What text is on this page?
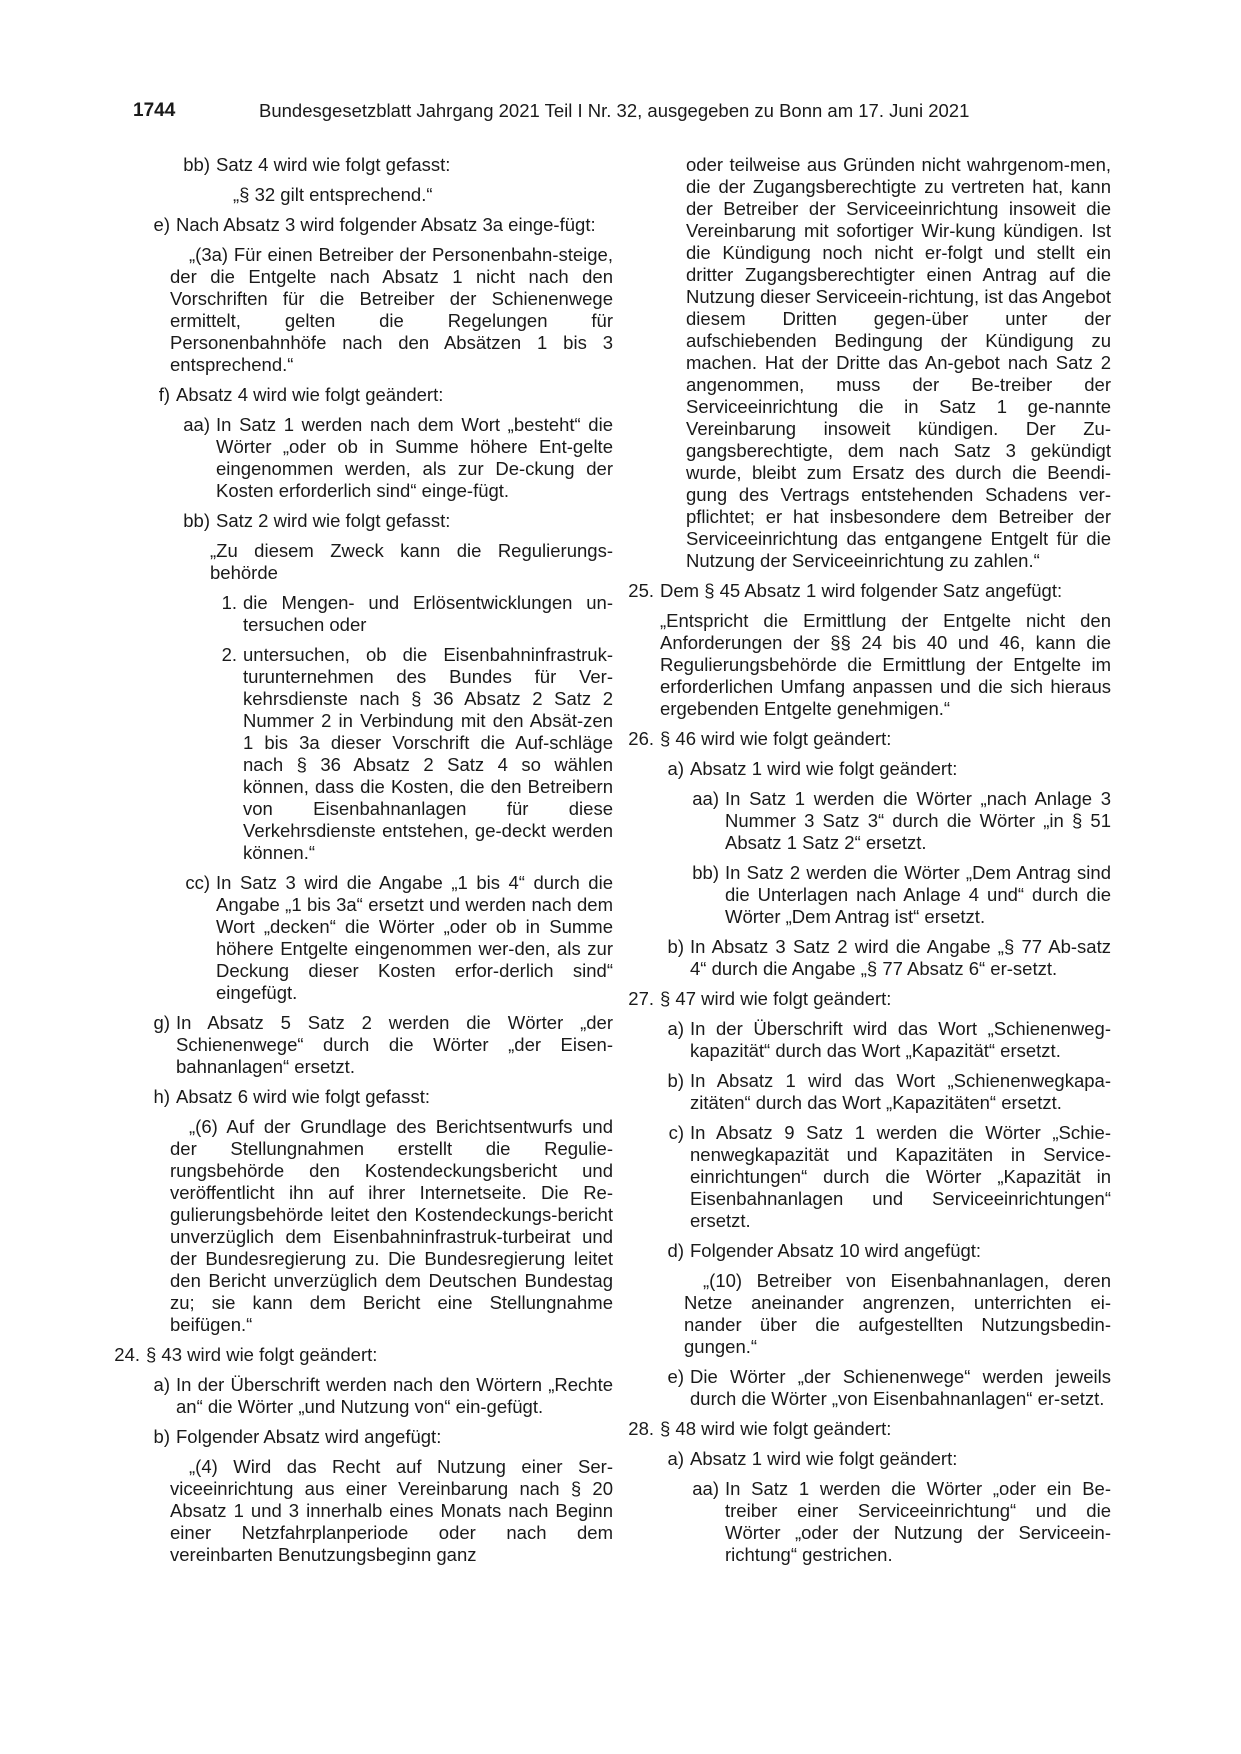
1744	Bundesgesetzblatt Jahrgang 2021 Teil I Nr. 32, ausgegeben zu Bonn am 17. Juni 2021
bb) Satz 4 wird wie folgt gefasst:
„§ 32 gilt entsprechend.“
e) Nach Absatz 3 wird folgender Absatz 3a einge-fügt:
„(3a) Für einen Betreiber der Personenbahn-steige, der die Entgelte nach Absatz 1 nicht nach den Vorschriften für die Betreiber der Schienenwege ermittelt, gelten die Regelungen für Personenbahnhöfe nach den Absätzen 1 bis 3 entsprechend.“
f) Absatz 4 wird wie folgt geändert:
aa) In Satz 1 werden nach dem Wort „besteht“ die Wörter „oder ob in Summe höhere Ent-gelte eingenommen werden, als zur De-ckung der Kosten erforderlich sind“ einge-fügt.
bb) Satz 2 wird wie folgt gefasst:
„Zu diesem Zweck kann die Regulierungs-behörde
1. die Mengen- und Erlösentwicklungen un-tersuchen oder
2. untersuchen, ob die Eisenbahninfrastruk-turunternehmen des Bundes für Ver-kehrsdienste nach § 36 Absatz 2 Satz 2 Nummer 2 in Verbindung mit den Absät-zen 1 bis 3a dieser Vorschrift die Auf-schläge nach § 36 Absatz 2 Satz 4 so wählen können, dass die Kosten, die den Betreibern von Eisenbahnanlagen für diese Verkehrsdienste entstehen, ge-deckt werden können.“
cc) In Satz 3 wird die Angabe „1 bis 4“ durch die Angabe „1 bis 3a“ ersetzt und werden nach dem Wort „decken“ die Wörter „oder ob in Summe höhere Entgelte eingenommen wer-den, als zur Deckung dieser Kosten erfor-derlich sind“ eingefügt.
g) In Absatz 5 Satz 2 werden die Wörter „der Schienenwege“ durch die Wörter „der Eisen-bahnanlagen“ ersetzt.
h) Absatz 6 wird wie folgt gefasst:
„(6) Auf der Grundlage des Berichtsentwurfs und der Stellungnahmen erstellt die Regulie-rungsbehörde den Kostendeckungsbericht und veröffentlicht ihn auf ihrer Internetseite. Die Re-gulierungsbehörde leitet den Kostendeckungs-bericht unverzüglich dem Eisenbahninfrastruk-turbeirat und der Bundesregierung zu. Die Bundesregierung leitet den Bericht unverzüglich dem Deutschen Bundestag zu; sie kann dem Bericht eine Stellungnahme beifügen.“
24. § 43 wird wie folgt geändert:
a) In der Überschrift werden nach den Wörtern „Rechte an“ die Wörter „und Nutzung von“ ein-gefügt.
b) Folgender Absatz wird angefügt:
„(4) Wird das Recht auf Nutzung einer Ser-viceeinrichtung aus einer Vereinbarung nach § 20 Absatz 1 und 3 innerhalb eines Monats nach Beginn einer Netzfahrplanperiode oder nach dem vereinbarten Benutzungsbeginn ganz
oder teilweise aus Gründen nicht wahrgenom-men, die der Zugangsberechtigte zu vertreten hat, kann der Betreiber der Serviceeinrichtung insoweit die Vereinbarung mit sofortiger Wir-kung kündigen. Ist die Kündigung noch nicht er-folgt und stellt ein dritter Zugangsberechtigter einen Antrag auf die Nutzung dieser Serviceein-richtung, ist das Angebot diesem Dritten gegen-über unter der aufschiebenden Bedingung der Kündigung zu machen. Hat der Dritte das An-gebot nach Satz 2 angenommen, muss der Be-treiber der Serviceeinrichtung die in Satz 1 ge-nannte Vereinbarung insoweit kündigen. Der Zu-gangsberechtigte, dem nach Satz 3 gekündigt wurde, bleibt zum Ersatz des durch die Beendi-gung des Vertrags entstehenden Schadens ver-pflichtet; er hat insbesondere dem Betreiber der Serviceeinrichtung das entgangene Entgelt für die Nutzung der Serviceeinrichtung zu zahlen.“
25. Dem § 45 Absatz 1 wird folgender Satz angefügt:
„Entspricht die Ermittlung der Entgelte nicht den Anforderungen der §§ 24 bis 40 und 46, kann die Regulierungsbehörde die Ermittlung der Entgelte im erforderlichen Umfang anpassen und die sich hieraus ergebenden Entgelte genehmigen.“
26. § 46 wird wie folgt geändert:
a) Absatz 1 wird wie folgt geändert:
aa) In Satz 1 werden die Wörter „nach Anlage 3 Nummer 3 Satz 3“ durch die Wörter „in § 51 Absatz 1 Satz 2“ ersetzt.
bb) In Satz 2 werden die Wörter „Dem Antrag sind die Unterlagen nach Anlage 4 und“ durch die Wörter „Dem Antrag ist“ ersetzt.
b) In Absatz 3 Satz 2 wird die Angabe „§ 77 Ab-satz 4“ durch die Angabe „§ 77 Absatz 6“ er-setzt.
27. § 47 wird wie folgt geändert:
a) In der Überschrift wird das Wort „Schienenweg-kapazität“ durch das Wort „Kapazität“ ersetzt.
b) In Absatz 1 wird das Wort „Schienenwegkapa-zitäten“ durch das Wort „Kapazitäten“ ersetzt.
c) In Absatz 9 Satz 1 werden die Wörter „Schie-nenwegkapazität und Kapazitäten in Service-einrichtungen“ durch die Wörter „Kapazität in Eisenbahnanlagen und Serviceeinrichtungen“ ersetzt.
d) Folgender Absatz 10 wird angefügt:
„(10) Betreiber von Eisenbahnanlagen, deren Netze aneinander angrenzen, unterrichten ei-nander über die aufgestellten Nutzungsbedin-gungen.“
e) Die Wörter „der Schienenwege“ werden jeweils durch die Wörter „von Eisenbahnanlagen“ er-setzt.
28. § 48 wird wie folgt geändert:
a) Absatz 1 wird wie folgt geändert:
aa) In Satz 1 werden die Wörter „oder ein Be-treiber einer Serviceeinrichtung“ und die Wörter „oder der Nutzung der Serviceein-richtung“ gestrichen.
